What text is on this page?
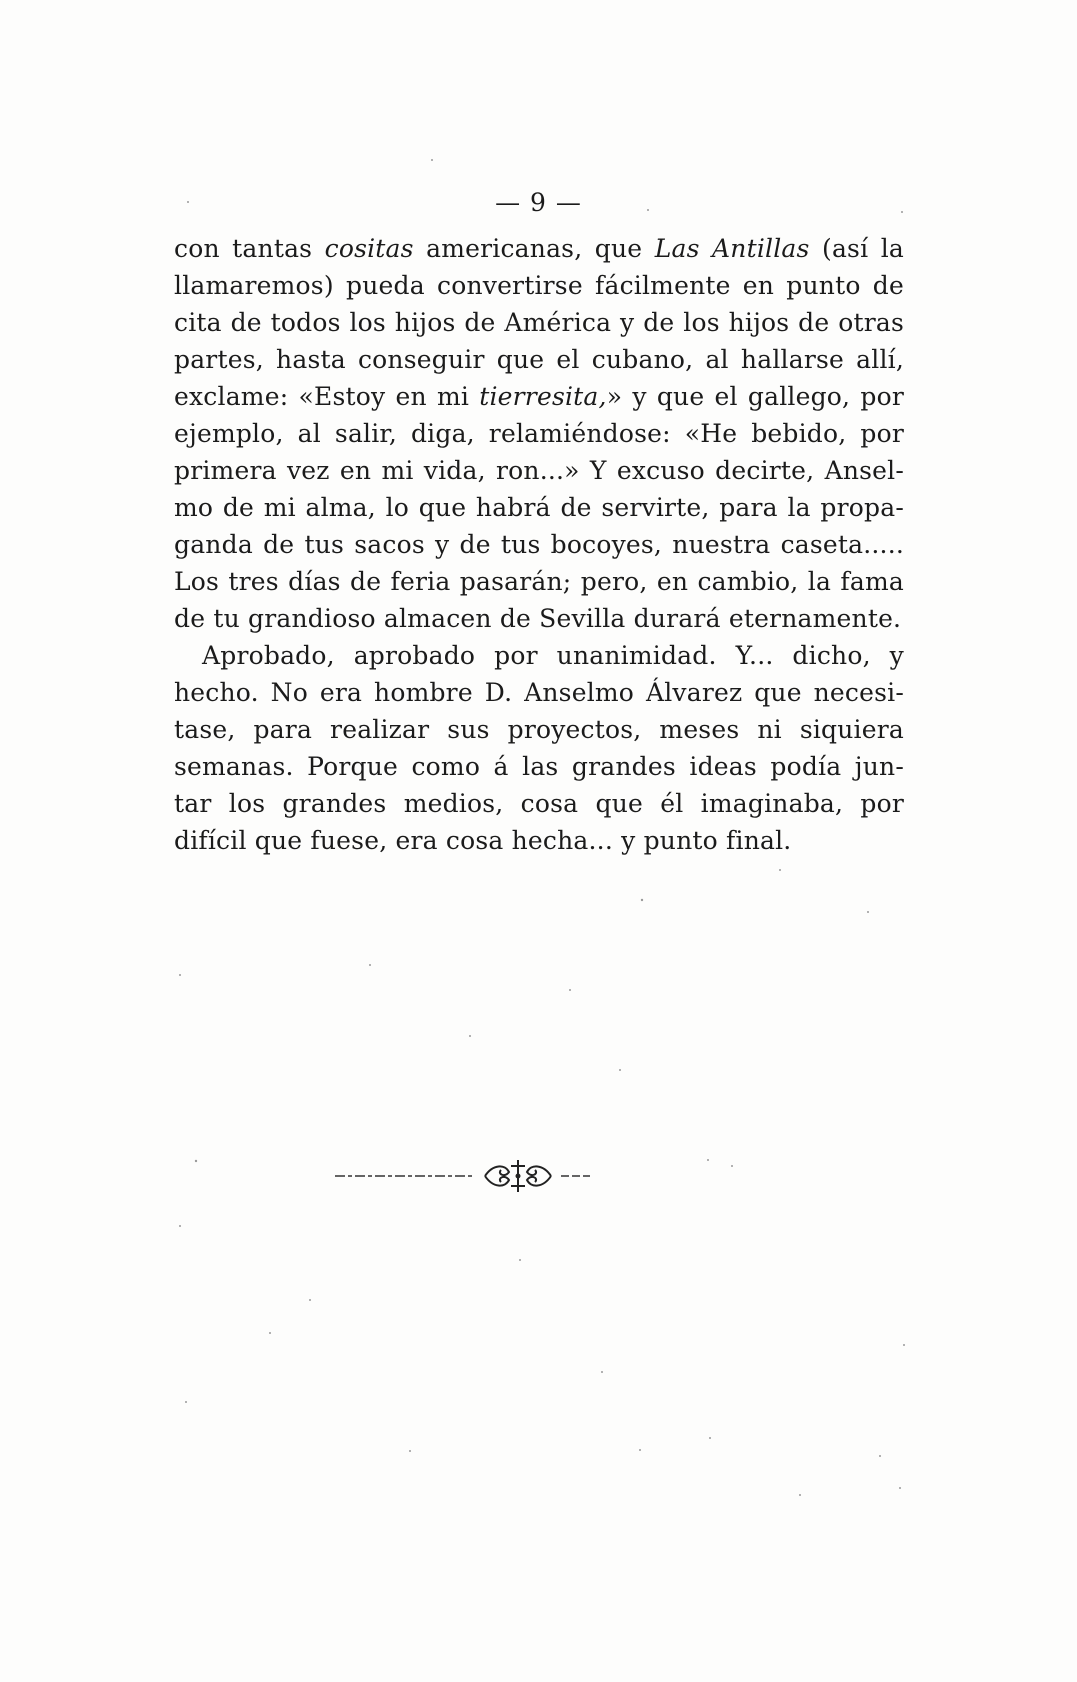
— 9 —
con tantas cositas americanas, que Las Antillas (así la
llamaremos) pueda convertirse fácilmente en punto de
cita de todos los hijos de América y de los hijos de otras
partes, hasta conseguir que el cubano, al hallarse allí,
exclame: «Estoy en mi tierresita,» y que el gallego, por
ejemplo, al salir, diga, relamiéndose: «He bebido, por
primera vez en mi vida, ron...» Y excuso decirte, Ansel-
mo de mi alma, lo que habrá de servirte, para la propa-
ganda de tus sacos y de tus bocoyes, nuestra caseta.....
Los tres días de feria pasarán; pero, en cambio, la fama
de tu grandioso almacen de Sevilla durará eternamente.
Aprobado, aprobado por unanimidad. Y... dicho, y
hecho. No era hombre D. Anselmo Álvarez que necesi-
tase, para realizar sus proyectos, meses ni siquiera
semanas. Porque como á las grandes ideas podía jun-
tar los grandes medios, cosa que él imaginaba, por
difícil que fuese, era cosa hecha... y punto final.
